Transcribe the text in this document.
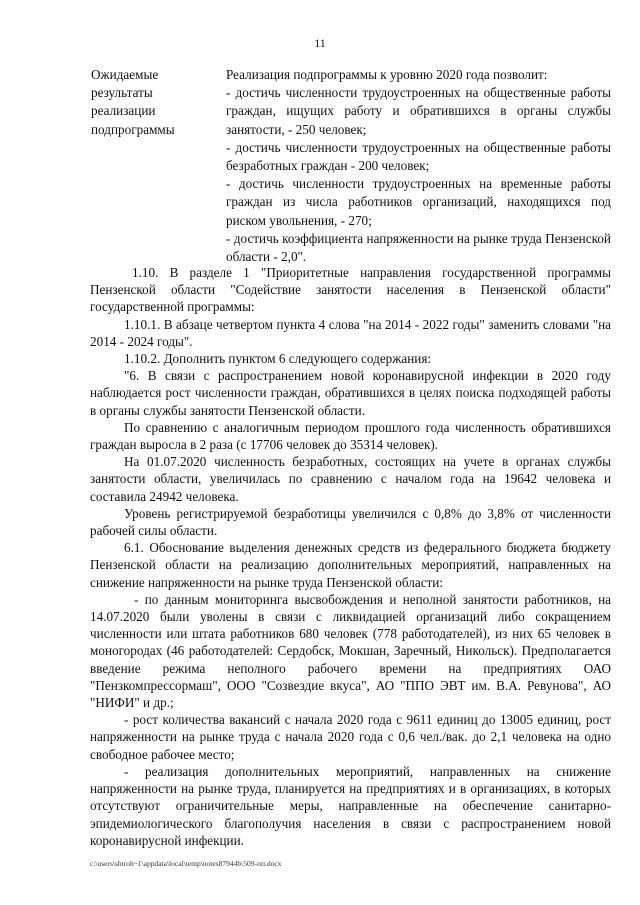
11
Ожидаемые
результаты
реализации
подпрограммы
Реализация подпрограммы к уровню 2020 года позволит:
- достичь численности трудоустроенных на общественные работы граждан, ищущих работу и обратившихся в органы службы занятости, - 250 человек;
- достичь численности трудоустроенных на общественные работы безработных граждан - 200 человек;
- достичь численности трудоустроенных на временные работы граждан из числа работников организаций, находящихся под риском увольнения, - 270;
- достичь коэффициента напряженности на рынке труда Пензенской области - 2,0".

1.10. В разделе 1 "Приоритетные направления государственной программы Пензенской области "Содействие занятости населения в Пензенской области" государственной программы:

1.10.1. В абзаце четвертом пункта 4 слова "на 2014 - 2022 годы" заменить словами "на 2014 - 2024 годы".

1.10.2. Дополнить пунктом 6 следующего содержания:

"6. В связи с распространением новой коронавирусной инфекции в 2020 году наблюдается рост численности граждан, обратившихся в целях поиска подходящей работы в органы службы занятости Пензенской области.

По сравнению с аналогичным периодом прошлого года численность обратившихся граждан выросла в 2 раза (с 17706 человек до 35314 человек).

На 01.07.2020 численность безработных, состоящих на учете в органах службы занятости области, увеличилась по сравнению с началом года на 19642 человека и составила 24942 человека.

Уровень регистрируемой безработицы увеличился с 0,8% до 3,8% от численности рабочей силы области.

6.1. Обоснование выделения денежных средств из федерального бюджета бюджету Пензенской области на реализацию дополнительных мероприятий, направленных на снижение напряженности на рынке труда Пензенской области:

- по данным мониторинга высвобождения и неполной занятости работников, на 14.07.2020 были уволены в связи с ликвидацией организаций либо сокращением численности или штата работников 680 человек (778 работодателей), из них 65 человек в моногородах (46 работодателей: Сердобск, Мокшан, Заречный, Никольск). Предполагается введение режима неполного рабочего времени на предприятиях ОАО "Пензкомпрессормаш", ООО "Созвездие вкуса", АО "ППО ЭВТ им. В.А. Ревунова", АО "НИФИ" и др.;

- рост количества вакансий с начала 2020 года с 9611 единиц до 13005 единиц, рост напряженности на рынке труда с начала 2020 года с 0,6 чел./вак. до 2,1 человека на одно свободное рабочее место;

- реализация дополнительных мероприятий, направленных на снижение напряженности на рынке труда, планируется на предприятиях и в организациях, в которых отсутствуют ограничительные меры, направленные на обеспечение санитарно-эпидемиологического благополучия населения в связи с распространением новой коронавирусной инфекции.

c:\users\shtroh~1\appdata\local\temp\notes87944b\509-пп.docx
